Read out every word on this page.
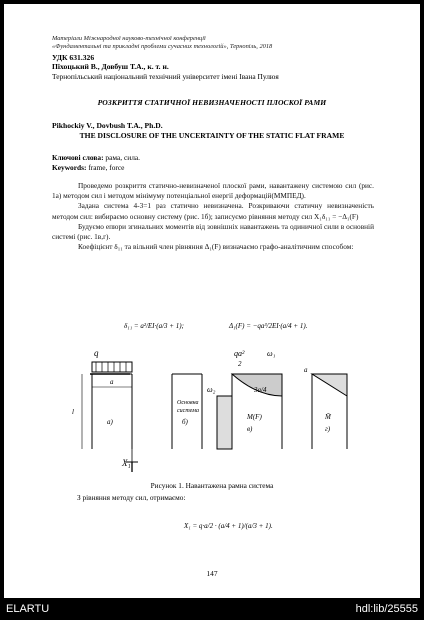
Матеріали Міжнародної науково-технічної конференції
«Фундаментальні та прикладні проблеми сучасних технологій», Тернопіль, 2018
УДК 631.326
Піхоцький В., Довбуш Т.А., к. т. н.
Тернопільський національний технічний університет імені Івана Пулюя
РОЗКРИТТЯ СТАТИЧНОЇ НЕВИЗНАЧЕНОСТІ ПЛОСКОЇ РАМИ
Pikhockiy V., Dovbush T.A., Ph.D.
THE DISCLOSURE OF THE UNCERTAINTY OF THE STATIC FLAT FRAME
Ключові слова: рама, сила.
Keywords: frame, force

Проведемо розкриття статично-невизначеної плоскої рами, навантажену системою сил (рис. 1а) методом сил і методом мінімуму потенціальної енергії деформацій(ММПЕД).

Задана система 4-3=1 раз статично невизначена. Розкриваючи статичну невизначеність методом сил: вибираємо основну систему (рис. 1б); записуємо рівняння методу сил X₁δ₁₁ = −Δ₁(F)

Будуємо епюри згинальних моментів від зовнішніх навантажень та одиничної сили в основній системі (рис. 1в,г).

Коефіцієнт δ₁₁ та вільний член рівняння Δ₁(F) визначаємо графо-аналітичним способом:

δ₁₁ = a²/EI·(a/3 + 1);	Δ₁(F) = −qa³/2EI·(a/4 + 1).
q
a
l
а)
Основна
система
б)
X₁
qa²
2
ω₁
ω₂	3a/4
M(F)
в)
a
M̄
г)
Рисунок 1. Навантажена рамна система
З рівняння методу сил, отримаємо:
X₁ = q·a/2 · (a/4 + 1)/(a/3 + 1).
147
ELARTU	hdl:lib/25555
